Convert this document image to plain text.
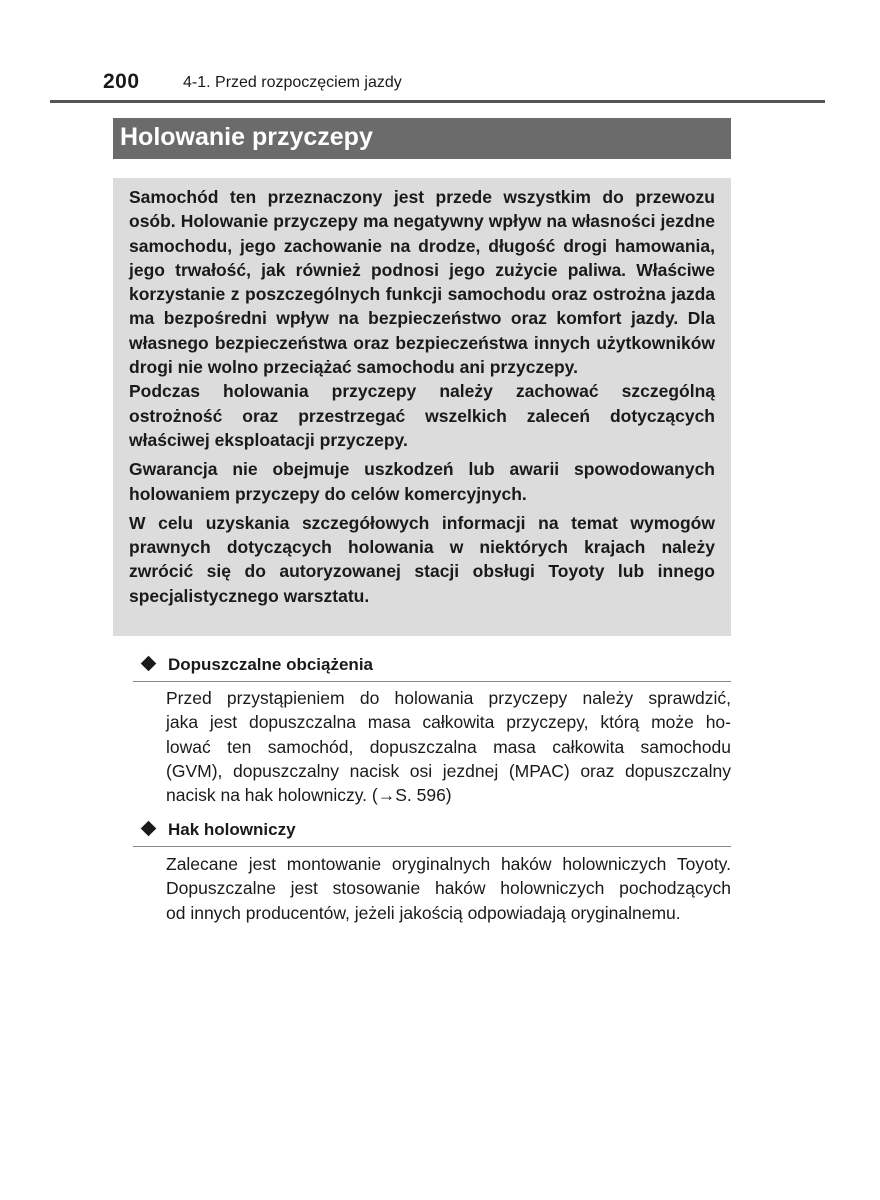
200	4-1. Przed rozpoczęciem jazdy
Holowanie przyczepy

Samochód ten przeznaczony jest przede wszystkim do przewozu osób. Holowanie przyczepy ma negatywny wpływ na własności jezdne samochodu, jego zachowanie na drodze, długość drogi hamowania, jego trwałość, jak również podnosi jego zużycie paliwa. Właściwe korzystanie z poszczególnych funkcji samochodu oraz ostrożna jazda ma bezpośredni wpływ na bezpieczeństwo oraz komfort jazdy. Dla własnego bezpieczeństwa oraz bezpieczeństwa innych użytkowników drogi nie wolno przeciążać samochodu ani przyczepy.

Podczas holowania przyczepy należy zachować szczególną ostrożność oraz przestrzegać wszelkich zaleceń dotyczących właściwej eksploatacji przyczepy.

Gwarancja nie obejmuje uszkodzeń lub awarii spowodowanych holowaniem przyczepy do celów komercyjnych.

W celu uzyskania szczegółowych informacji na temat wymogów prawnych dotyczących holowania w niektórych krajach należy zwrócić się do autoryzowanej stacji obsługi Toyoty lub innego specjalistycznego warsztatu.

Dopuszczalne obciążenia
Przed przystąpieniem do holowania przyczepy należy sprawdzić,
jaka jest dopuszczalna masa całkowita przyczepy, którą może ho-
lować ten samochód, dopuszczalna masa całkowita samochodu
(GVM), dopuszczalny nacisk osi jezdnej (MPAC) oraz dopuszczalny
nacisk na hak holowniczy. (→S. 596)
Hak holowniczy
Zalecane jest montowanie oryginalnych haków holowniczych Toyoty.
Dopuszczalne jest stosowanie haków holowniczych pochodzących
od innych producentów, jeżeli jakością odpowiadają oryginalnemu.
